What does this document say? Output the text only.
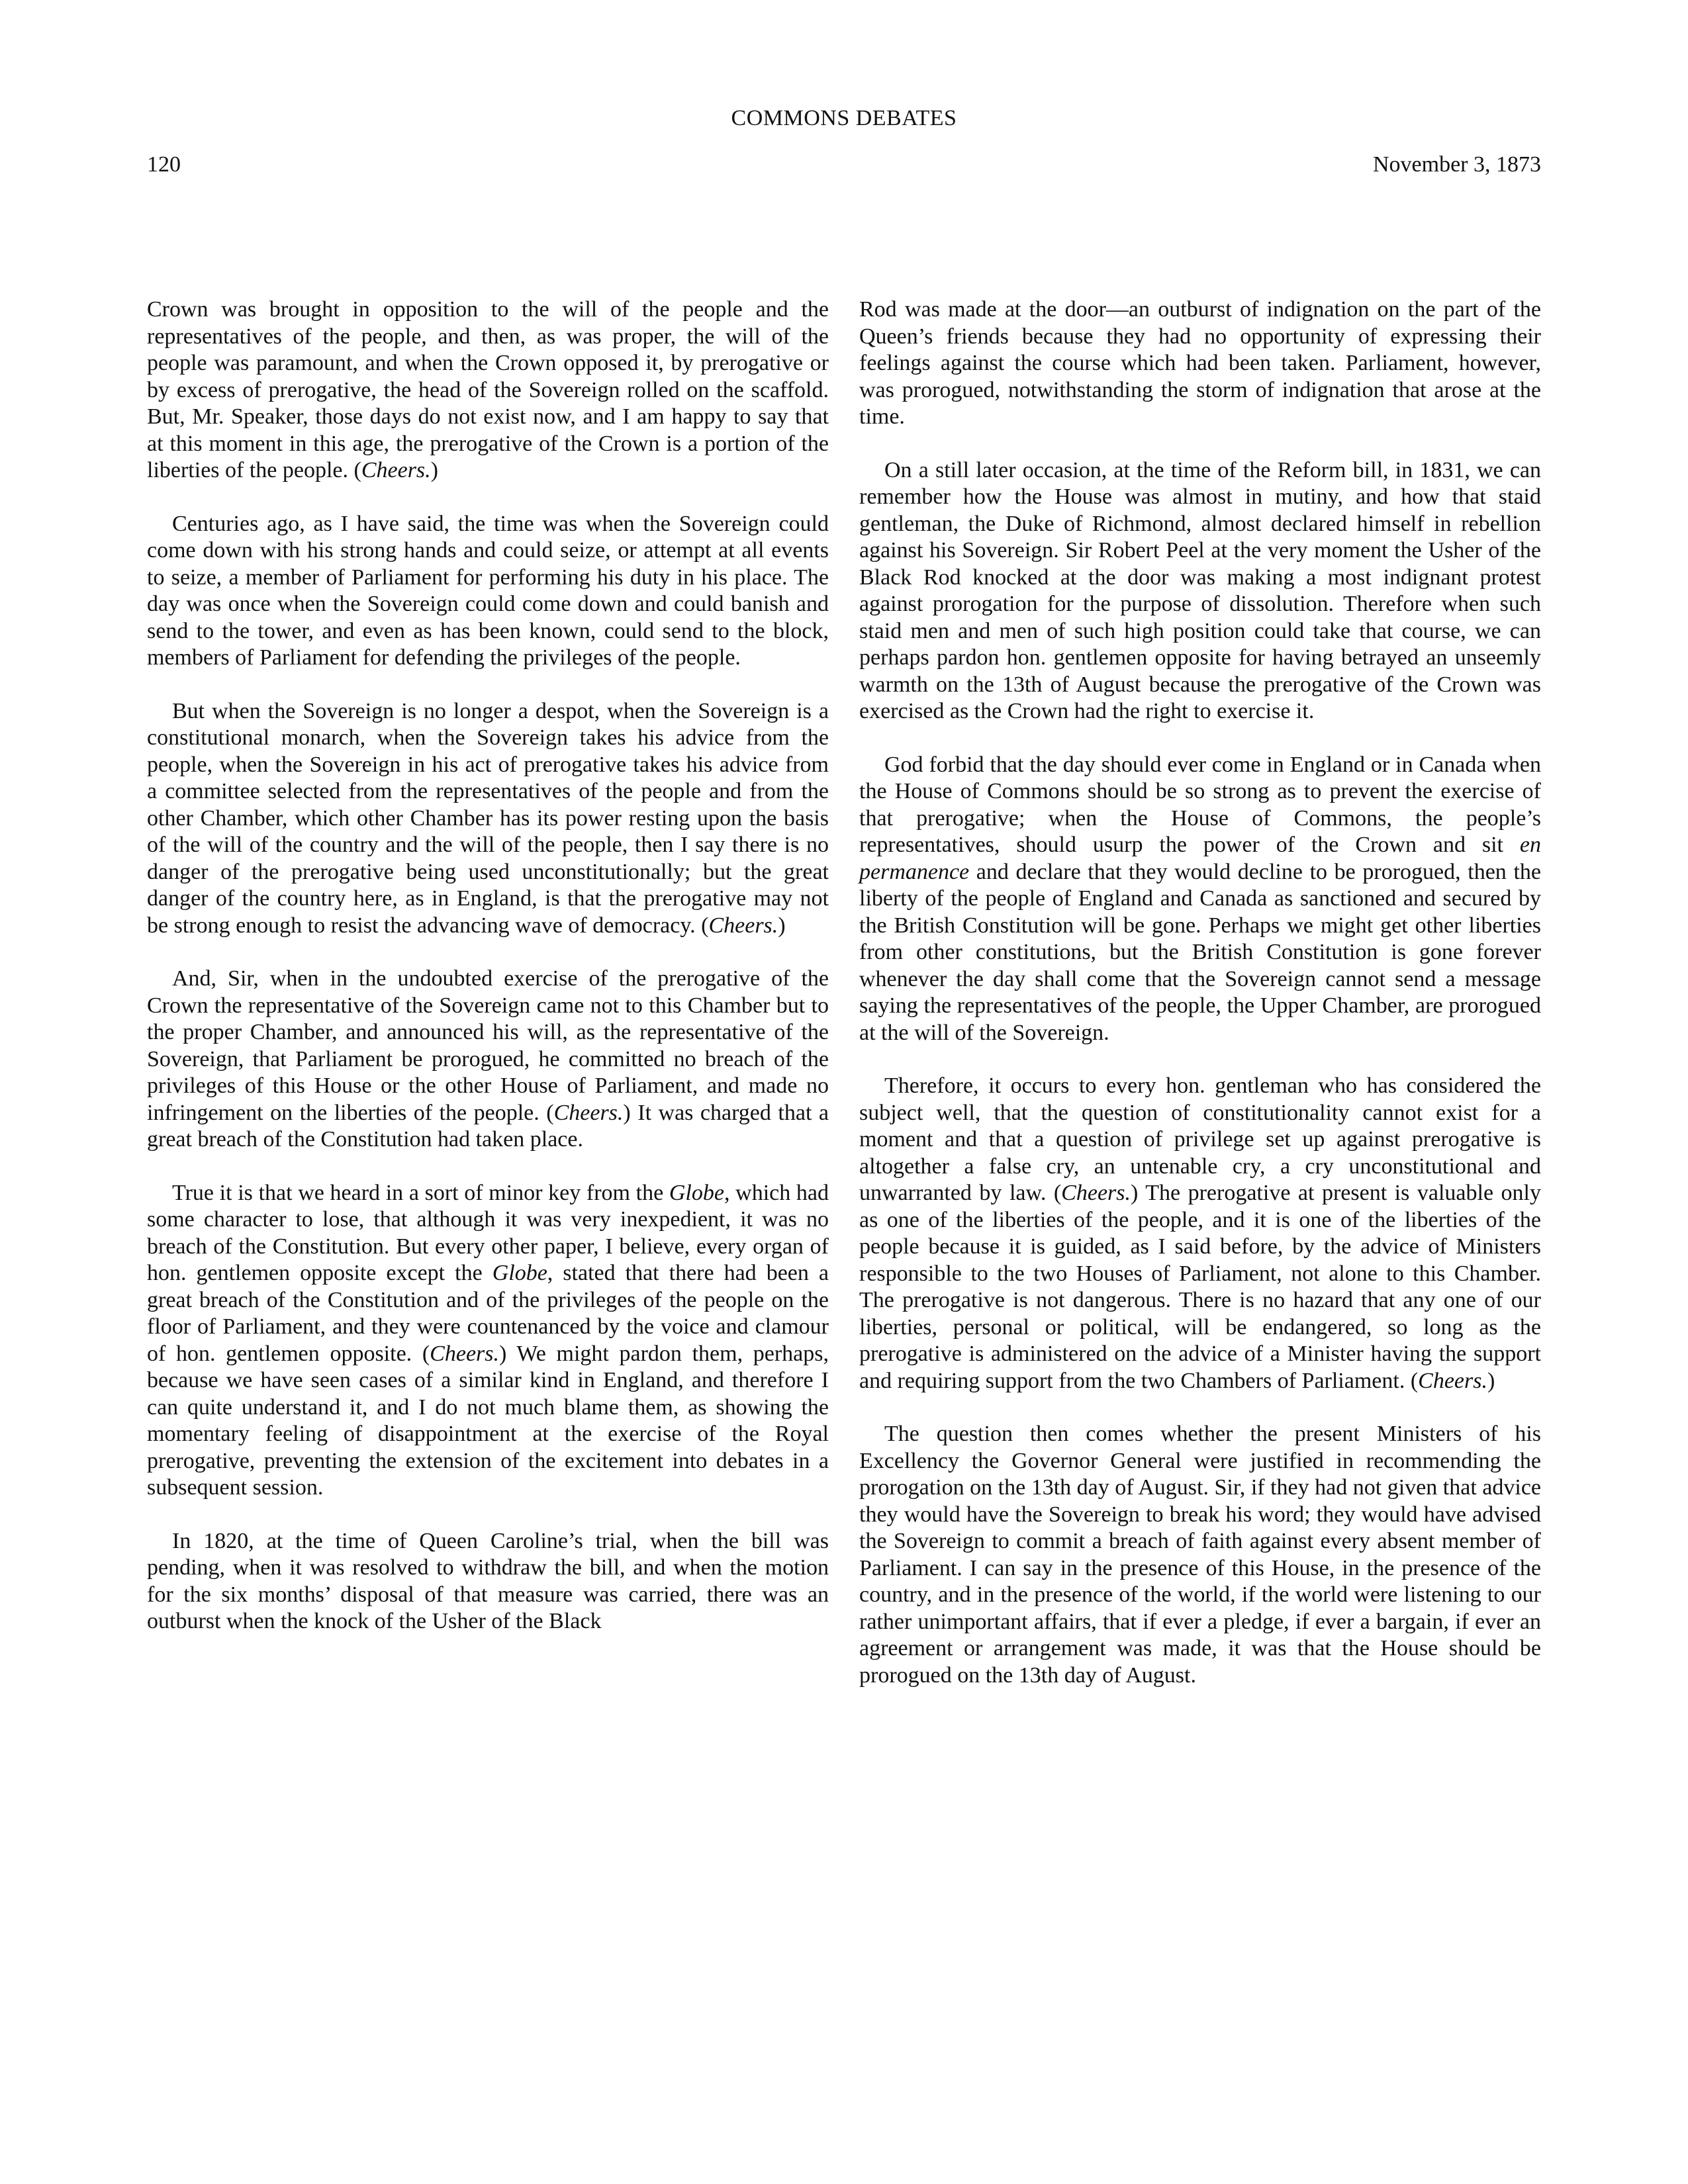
COMMONS DEBATES
120	November 3, 1873

Crown was brought in opposition to the will of the people and the representatives of the people, and then, as was proper, the will of the people was paramount, and when the Crown opposed it, by prerogative or by excess of prerogative, the head of the Sovereign rolled on the scaffold. But, Mr. Speaker, those days do not exist now, and I am happy to say that at this moment in this age, the prerogative of the Crown is a portion of the liberties of the people. (Cheers.)

Centuries ago, as I have said, the time was when the Sovereign could come down with his strong hands and could seize, or attempt at all events to seize, a member of Parliament for performing his duty in his place. The day was once when the Sovereign could come down and could banish and send to the tower, and even as has been known, could send to the block, members of Parliament for defending the privileges of the people.

But when the Sovereign is no longer a despot, when the Sovereign is a constitutional monarch, when the Sovereign takes his advice from the people, when the Sovereign in his act of prerogative takes his advice from a committee selected from the representatives of the people and from the other Chamber, which other Chamber has its power resting upon the basis of the will of the country and the will of the people, then I say there is no danger of the prerogative being used unconstitutionally; but the great danger of the country here, as in England, is that the prerogative may not be strong enough to resist the advancing wave of democracy. (Cheers.)

And, Sir, when in the undoubted exercise of the prerogative of the Crown the representative of the Sovereign came not to this Chamber but to the proper Chamber, and announced his will, as the representative of the Sovereign, that Parliament be prorogued, he committed no breach of the privileges of this House or the other House of Parliament, and made no infringement on the liberties of the people. (Cheers.) It was charged that a great breach of the Constitution had taken place.

True it is that we heard in a sort of minor key from the Globe, which had some character to lose, that although it was very inexpedient, it was no breach of the Constitution. But every other paper, I believe, every organ of hon. gentlemen opposite except the Globe, stated that there had been a great breach of the Constitution and of the privileges of the people on the floor of Parliament, and they were countenanced by the voice and clamour of hon. gentlemen opposite. (Cheers.) We might pardon them, perhaps, because we have seen cases of a similar kind in England, and therefore I can quite understand it, and I do not much blame them, as showing the momentary feeling of disappointment at the exercise of the Royal prerogative, preventing the extension of the excitement into debates in a subsequent session.

In 1820, at the time of Queen Caroline’s trial, when the bill was pending, when it was resolved to withdraw the bill, and when the motion for the six months’ disposal of that measure was carried, there was an outburst when the knock of the Usher of the Black

Rod was made at the door—an outburst of indignation on the part of the Queen’s friends because they had no opportunity of expressing their feelings against the course which had been taken. Parliament, however, was prorogued, notwithstanding the storm of indignation that arose at the time.

On a still later occasion, at the time of the Reform bill, in 1831, we can remember how the House was almost in mutiny, and how that staid gentleman, the Duke of Richmond, almost declared himself in rebellion against his Sovereign. Sir Robert Peel at the very moment the Usher of the Black Rod knocked at the door was making a most indignant protest against prorogation for the purpose of dissolution. Therefore when such staid men and men of such high position could take that course, we can perhaps pardon hon. gentlemen opposite for having betrayed an unseemly warmth on the 13th of August because the prerogative of the Crown was exercised as the Crown had the right to exercise it.

God forbid that the day should ever come in England or in Canada when the House of Commons should be so strong as to prevent the exercise of that prerogative; when the House of Commons, the people’s representatives, should usurp the power of the Crown and sit en permanence and declare that they would decline to be prorogued, then the liberty of the people of England and Canada as sanctioned and secured by the British Constitution will be gone. Perhaps we might get other liberties from other constitutions, but the British Constitution is gone forever whenever the day shall come that the Sovereign cannot send a message saying the representatives of the people, the Upper Chamber, are prorogued at the will of the Sovereign.

Therefore, it occurs to every hon. gentleman who has considered the subject well, that the question of constitutionality cannot exist for a moment and that a question of privilege set up against prerogative is altogether a false cry, an untenable cry, a cry unconstitutional and unwarranted by law. (Cheers.) The prerogative at present is valuable only as one of the liberties of the people, and it is one of the liberties of the people because it is guided, as I said before, by the advice of Ministers responsible to the two Houses of Parliament, not alone to this Chamber. The prerogative is not dangerous. There is no hazard that any one of our liberties, personal or political, will be endangered, so long as the prerogative is administered on the advice of a Minister having the support and requiring support from the two Chambers of Parliament. (Cheers.)

The question then comes whether the present Ministers of his Excellency the Governor General were justified in recommending the prorogation on the 13th day of August. Sir, if they had not given that advice they would have the Sovereign to break his word; they would have advised the Sovereign to commit a breach of faith against every absent member of Parliament. I can say in the presence of this House, in the presence of the country, and in the presence of the world, if the world were listening to our rather unimportant affairs, that if ever a pledge, if ever a bargain, if ever an agreement or arrangement was made, it was that the House should be prorogued on the 13th day of August.
